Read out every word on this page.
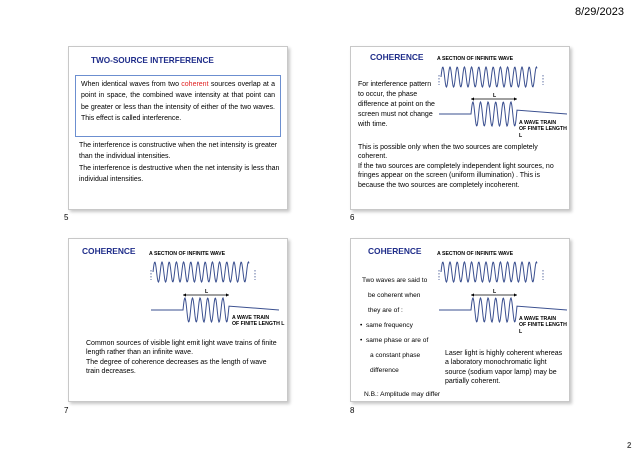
8/29/2023
TWO-SOURCE INTERFERENCE
When identical waves from two coherent sources overlap at a point in space, the combined wave intensity at that point can be greater or less than the intensity of either of the two waves. This effect is called interference.
The interference is constructive when the net intensity is greater than the individual intensities.
The interference is destructive when the net intensity is less than individual intensities.
5
COHERENCE	A SECTION OF INFINITE WAVE
L
A WAVE TRAIN
OF FINITE LENGTH L
For interference pattern to occur, the phase difference at point on the screen must not change with time.
This is possible only when the two sources are completely coherent.
If the two sources are completely independent light sources, no fringes appear on the screen (uniform illumination) . This is because the two sources are completely incoherent.
6
COHERENCE	A SECTION OF INFINITE WAVE
L
A WAVE TRAIN
OF FINITE LENGTH L
Common sources of visible light emit light wave trains of finite length rather than an infinite wave.
The degree of coherence decreases as the length of wave train decreases.
7
COHERENCE	A SECTION OF INFINITE WAVE
L
A WAVE TRAIN
OF FINITE LENGTH L
Two waves are said to
be coherent when
they are of :
•  same frequency
•  same phase or are of
a constant phase
difference
Laser light is highly coherent whereas a laboratory monochromatic light source (sodium vapor lamp) may be partially coherent.
N.B.: Amplitude may differ
8
2
